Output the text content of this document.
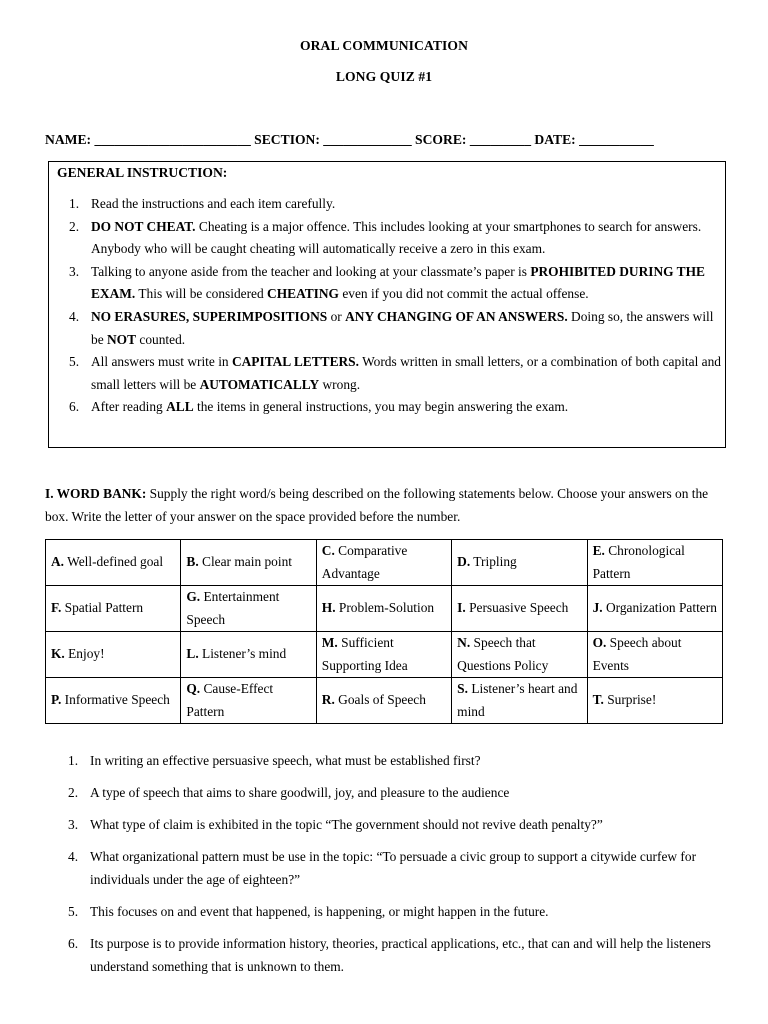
ORAL COMMUNICATION
LONG QUIZ #1
NAME: _______________________ SECTION: _____________ SCORE: _________ DATE: ___________
GENERAL INSTRUCTION:
1. Read the instructions and each item carefully.
2. DO NOT CHEAT. Cheating is a major offence. This includes looking at your smartphones to search for answers. Anybody who will be caught cheating will automatically receive a zero in this exam.
3. Talking to anyone aside from the teacher and looking at your classmate’s paper is PROHIBITED DURING THE EXAM. This will be considered CHEATING even if you did not commit the actual offense.
4. NO ERASURES, SUPERIMPOSITIONS or ANY CHANGING OF AN ANSWERS. Doing so, the answers will be NOT counted.
5. All answers must write in CAPITAL LETTERS. Words written in small letters, or a combination of both capital and small letters will be AUTOMATICALLY wrong.
6. After reading ALL the items in general instructions, you may begin answering the exam.
I. WORD BANK: Supply the right word/s being described on the following statements below. Choose your answers on the box. Write the letter of your answer on the space provided before the number.
A. Well-defined goal	B. Clear main point	C. Comparative Advantage	D. Tripling	E. Chronological Pattern
F. Spatial Pattern	G. Entertainment Speech	H. Problem-Solution	I. Persuasive Speech	J. Organization Pattern
K. Enjoy!	L. Listener’s mind	M. Sufficient Supporting Idea	N. Speech that Questions Policy	O. Speech about Events
P. Informative Speech	Q. Cause-Effect Pattern	R. Goals of Speech	S. Listener’s heart and mind	T. Surprise!
1. In writing an effective persuasive speech, what must be established first?
2. A type of speech that aims to share goodwill, joy, and pleasure to the audience
3. What type of claim is exhibited in the topic “The government should not revive death penalty?”
4. What organizational pattern must be use in the topic: “To persuade a civic group to support a citywide curfew for individuals under the age of eighteen?”
5. This focuses on and event that happened, is happening, or might happen in the future.
6. Its purpose is to provide information history, theories, practical applications, etc., that can and will help the listeners understand something that is unknown to them.
